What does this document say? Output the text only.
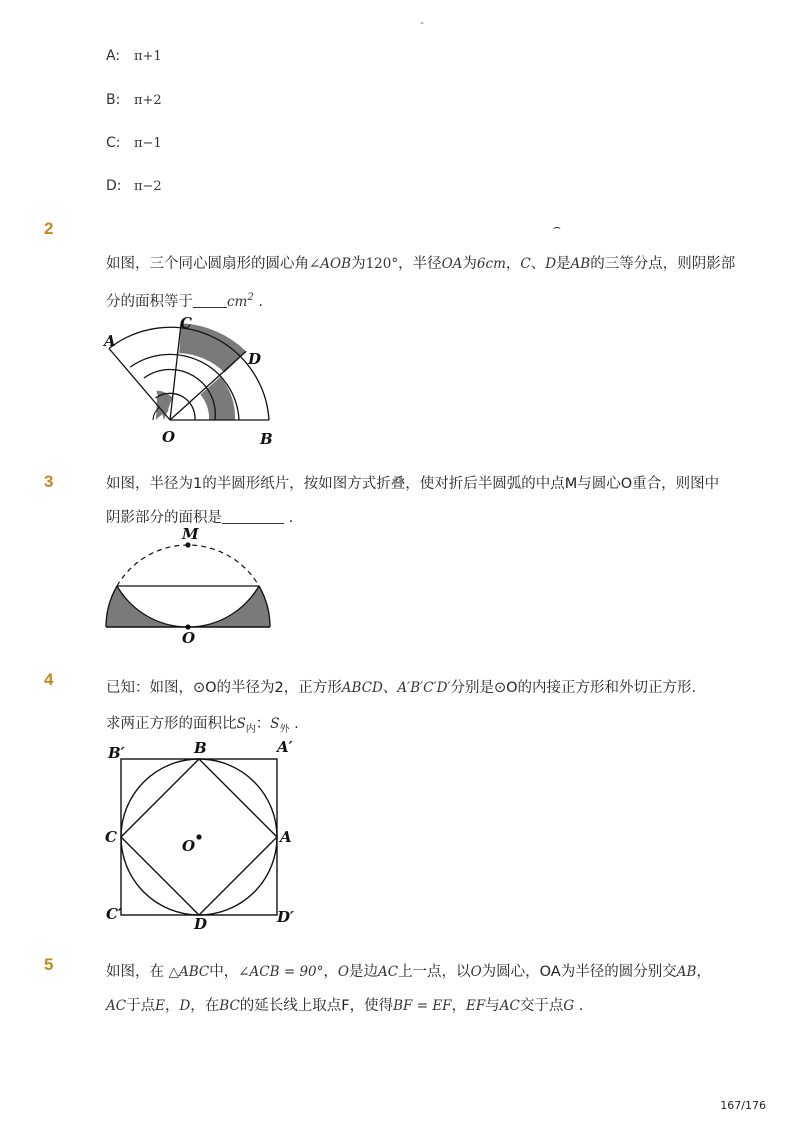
-
A: π+1
B: π+2
C: π−1
D: π−2
2	⌢
如图，三个同心圆扇形的圆心角∠AOB为120°，半径OA为6cm，C、D是AB的三等分点，则阴影部
分的面积等于	$cm^2$ .
A
C
D
O	B
3	如图，半径为1的半圆形纸片，按如图方式折叠，使对折后半圆弧的中点M与圆心O重合，则图中
阴影部分的面积是	.
M
O
4	已知：如图，⊙O的半径为2，正方形ABCD、A′B′C′D′分别是⊙O的内接正方形和外切正方形．
求两正方形的面积比$S_内$：$S_外$ .
B′	B	A′
C	A
O
C′
D	D′
5	如图，在 △ABC中，∠ACB = 90°，O是边AC上一点，以O为圆心，OA为半径的圆分别交AB，
AC于点E，D，在BC的延长线上取点F，使得BF = EF，EF与AC交于点G .
167/176
